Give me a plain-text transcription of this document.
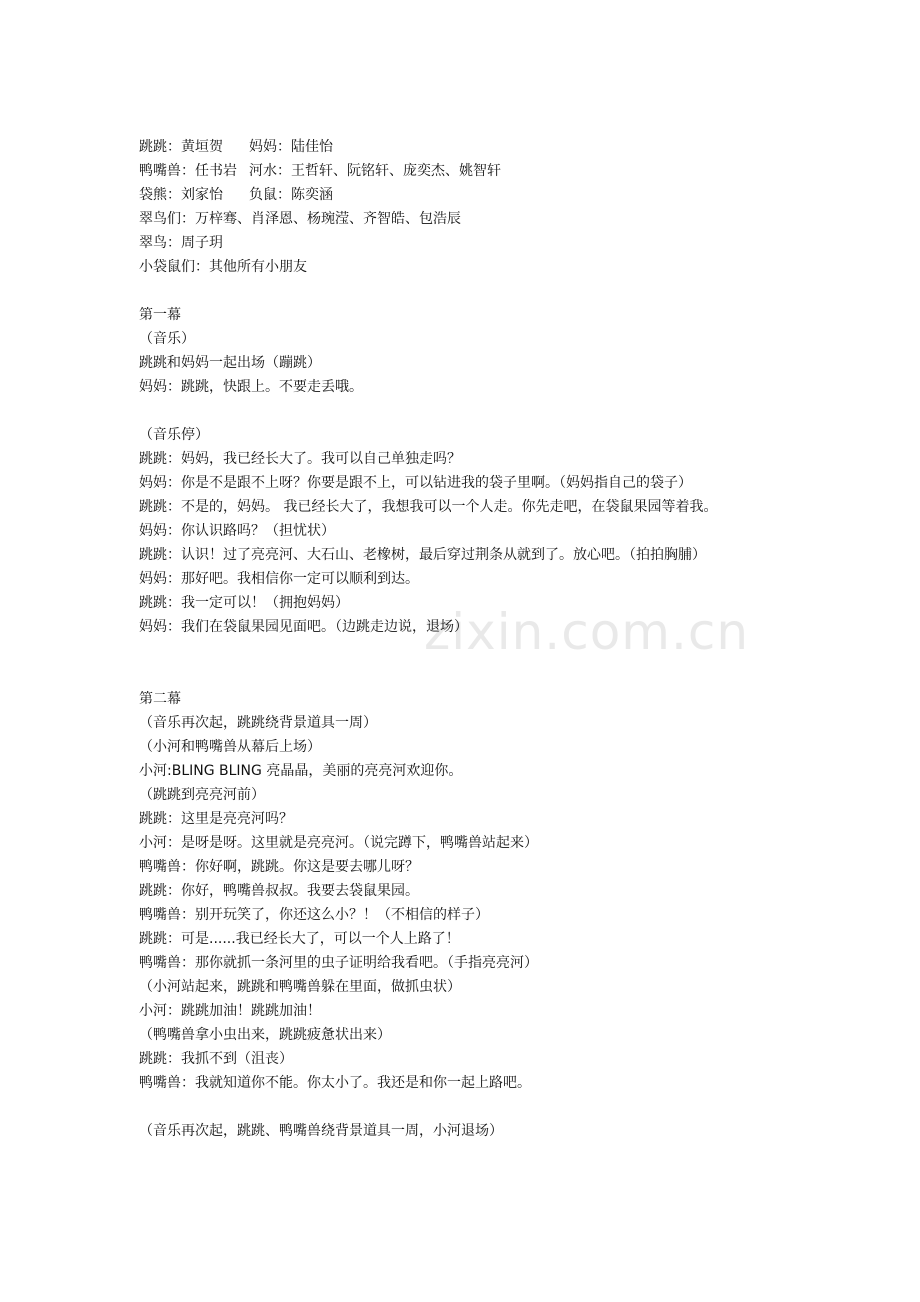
zixin.com.cn
跳跳：黄垣贺 妈妈：陆佳怡
鸭嘴兽：任书岩 河水：王哲轩、阮铭轩、庞奕杰、姚智轩
袋熊：刘家怡 负鼠：陈奕涵
翠鸟们：万梓骞、肖泽恩、杨琬滢、齐智皓、包浩辰
翠鸟：周子玥
小袋鼠们：其他所有小朋友
第一幕
（音乐）
跳跳和妈妈一起出场（蹦跳）
妈妈：跳跳，快跟上。不要走丢哦。
（音乐停）
跳跳：妈妈，我已经长大了。我可以自己单独走吗？
妈妈：你是不是跟不上呀？你要是跟不上，可以钻进我的袋子里啊。（妈妈指自己的袋子）
跳跳：不是的，妈妈。 我已经长大了，我想我可以一个人走。你先走吧，在袋鼠果园等着我。
妈妈：你认识路吗？（担忧状）
跳跳：认识！过了亮亮河、大石山、老橡树，最后穿过荆条从就到了。放心吧。（拍拍胸脯）
妈妈：那好吧。我相信你一定可以顺利到达。
跳跳：我一定可以！（拥抱妈妈）
妈妈：我们在袋鼠果园见面吧。（边跳走边说，退场）
第二幕
（音乐再次起，跳跳绕背景道具一周）
（小河和鸭嘴兽从幕后上场）
小河:BLING BLING 亮晶晶，美丽的亮亮河欢迎你。
（跳跳到亮亮河前）
跳跳：这里是亮亮河吗？
小河：是呀是呀。这里就是亮亮河。（说完蹲下，鸭嘴兽站起来）
鸭嘴兽：你好啊，跳跳。你这是要去哪儿呀？
跳跳：你好，鸭嘴兽叔叔。我要去袋鼠果园。
鸭嘴兽：别开玩笑了，你还这么小？！（不相信的样子）
跳跳：可是......我已经长大了，可以一个人上路了！
鸭嘴兽：那你就抓一条河里的虫子证明给我看吧。（手指亮亮河）
（小河站起来，跳跳和鸭嘴兽躲在里面，做抓虫状）
小河：跳跳加油！跳跳加油！
（鸭嘴兽拿小虫出来，跳跳疲惫状出来）
跳跳：我抓不到（沮丧）
鸭嘴兽：我就知道你不能。你太小了。我还是和你一起上路吧。
（音乐再次起，跳跳、鸭嘴兽绕背景道具一周，小河退场）
